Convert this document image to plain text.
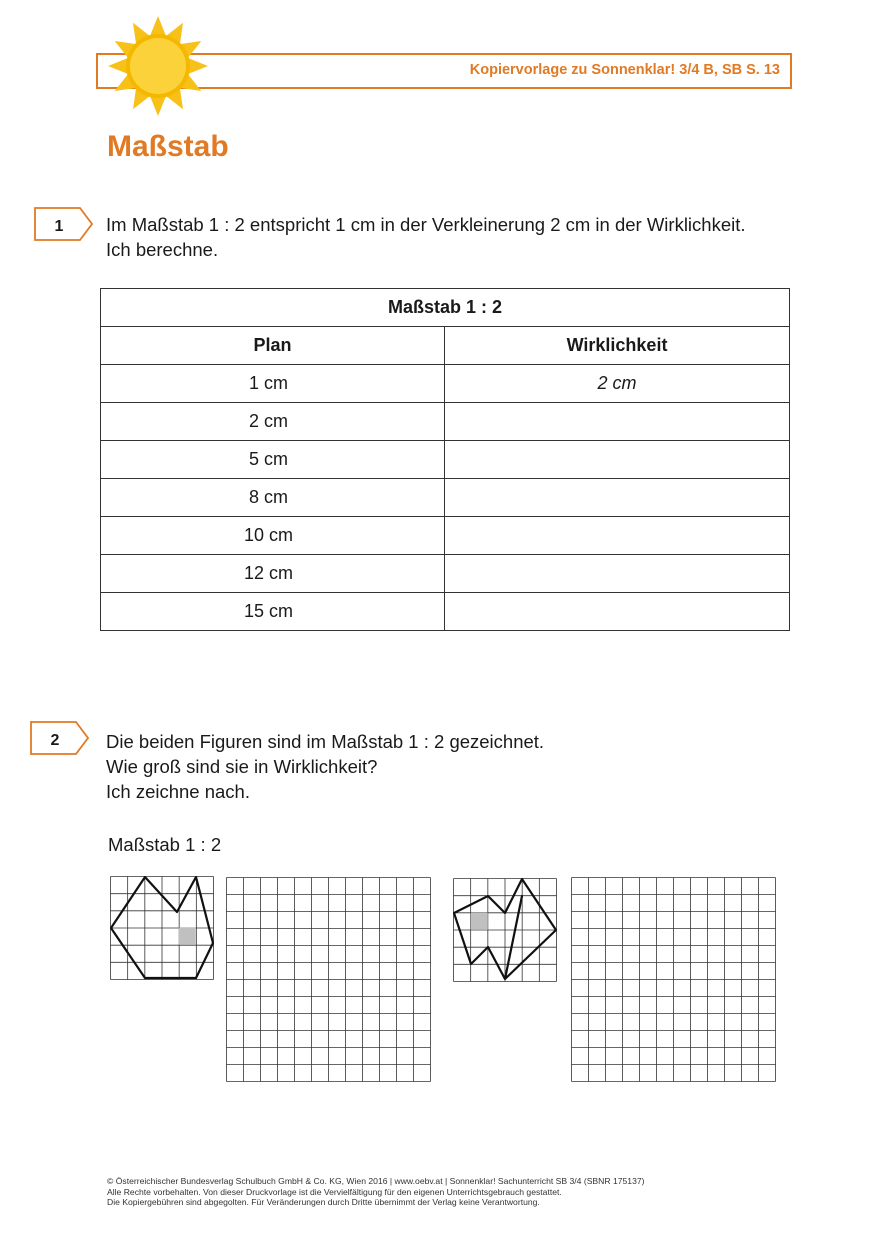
Kopiervorlage zu Sonnenklar! 3/4 B, SB S. 13
Maßstab
1 Im Maßstab 1 : 2 entspricht 1 cm in der Verkleinerung 2 cm in der Wirklichkeit.
Ich berechne.
Maßstab 1 : 2	
Plan	Wirklichkeit
1 cm	2 cm
2 cm	
5 cm	
8 cm	
10 cm	
12 cm	
15 cm	
2	Die beiden Figuren sind im Maßstab 1 : 2 gezeichnet.
Wie groß sind sie in Wirklichkeit?
Ich zeichne nach.
Maßstab 1 : 2
© Österreichischer Bundesverlag Schulbuch GmbH & Co. KG, Wien 2016 | www.oebv.at | Sonnenklar! Sachunterricht SB 3/4 (SBNR 175137)
Alle Rechte vorbehalten. Von dieser Druckvorlage ist die Vervielfältigung für den eigenen Unterrichtsgebrauch gestattet.
Die Kopiergebühren sind abgegolten. Für Veränderungen durch Dritte übernimmt der Verlag keine Verantwortung.
